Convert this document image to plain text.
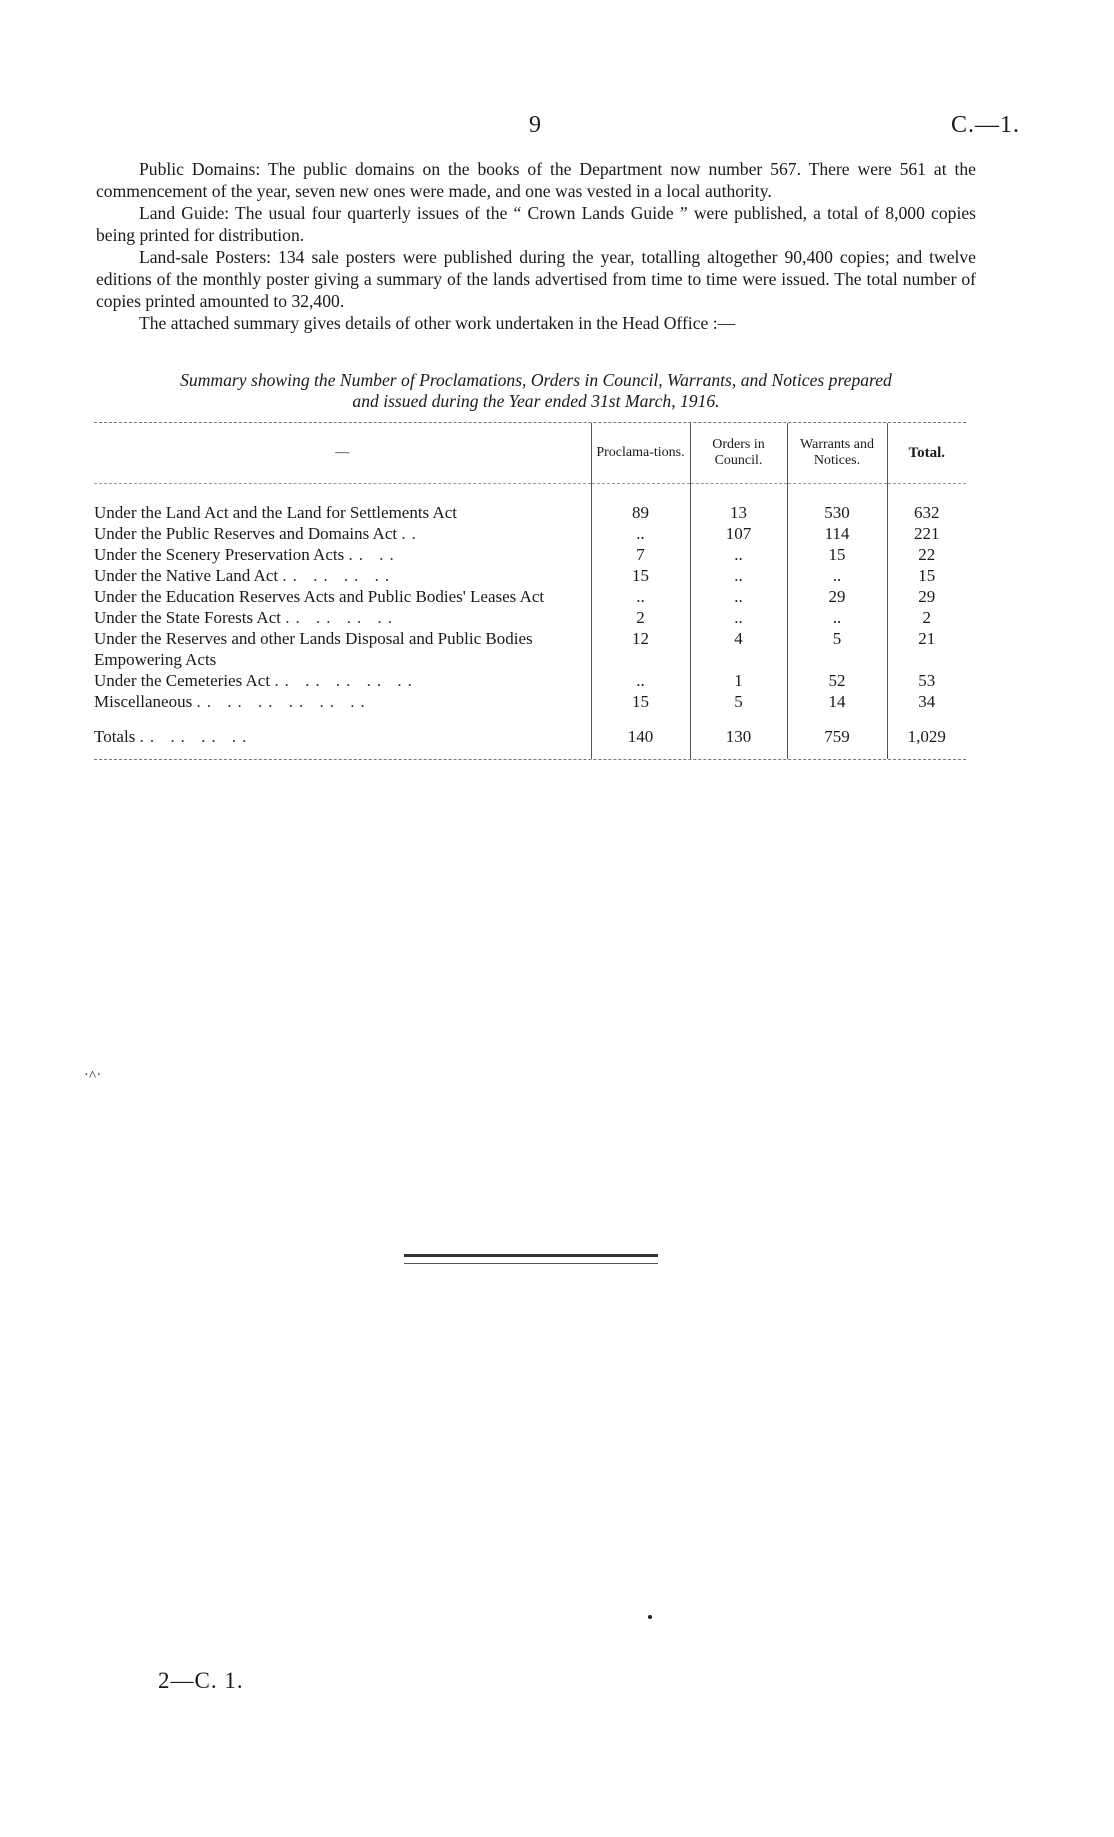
9	C.—1.

Public Domains: The public domains on the books of the Department now number 567. There were 561 at the commencement of the year, seven new ones were made, and one was vested in a local authority.

Land Guide: The usual four quarterly issues of the “ Crown Lands Guide ” were published, a total of 8,000 copies being printed for distribution.

Land-sale Posters: 134 sale posters were published during the year, totalling altogether 90,400 copies; and twelve editions of the monthly poster giving a summary of the lands advertised from time to time were issued. The total number of copies printed amounted to 32,400.

The attached summary gives details of other work undertaken in the Head Office :—

Summary showing the Number of Proclamations, Orders in Council, Warrants, and Notices prepared
and issued during the Year ended 31st March, 1916.
—	Proclama-tions.	Orders in Council.	Warrants and Notices.	Total.

Under the Land Act and the Land for Settlements Act	89	13	530	632
Under the Public Reserves and Domains Act ..	..	107	114	221
Under the Scenery Preservation Acts .. ..	7	..	15	22
Under the Native Land Act .. .. .. ..	15	..	..	15
Under the Education Reserves Acts and Public Bodies' Leases Act	..	..	29	29
Under the State Forests Act .. .. .. ..	2	..	..	2
Under the Reserves and other Lands Disposal and Public Bodies Empowering Acts	12	4	5	21
Under the Cemeteries Act .. .. .. .. ..	..	1	52	53
Miscellaneous .. .. .. .. .. ..	15	5	14	34
Totals .. .. .. ..	140	130	759	1,029
·˄·
2—C. 1.
